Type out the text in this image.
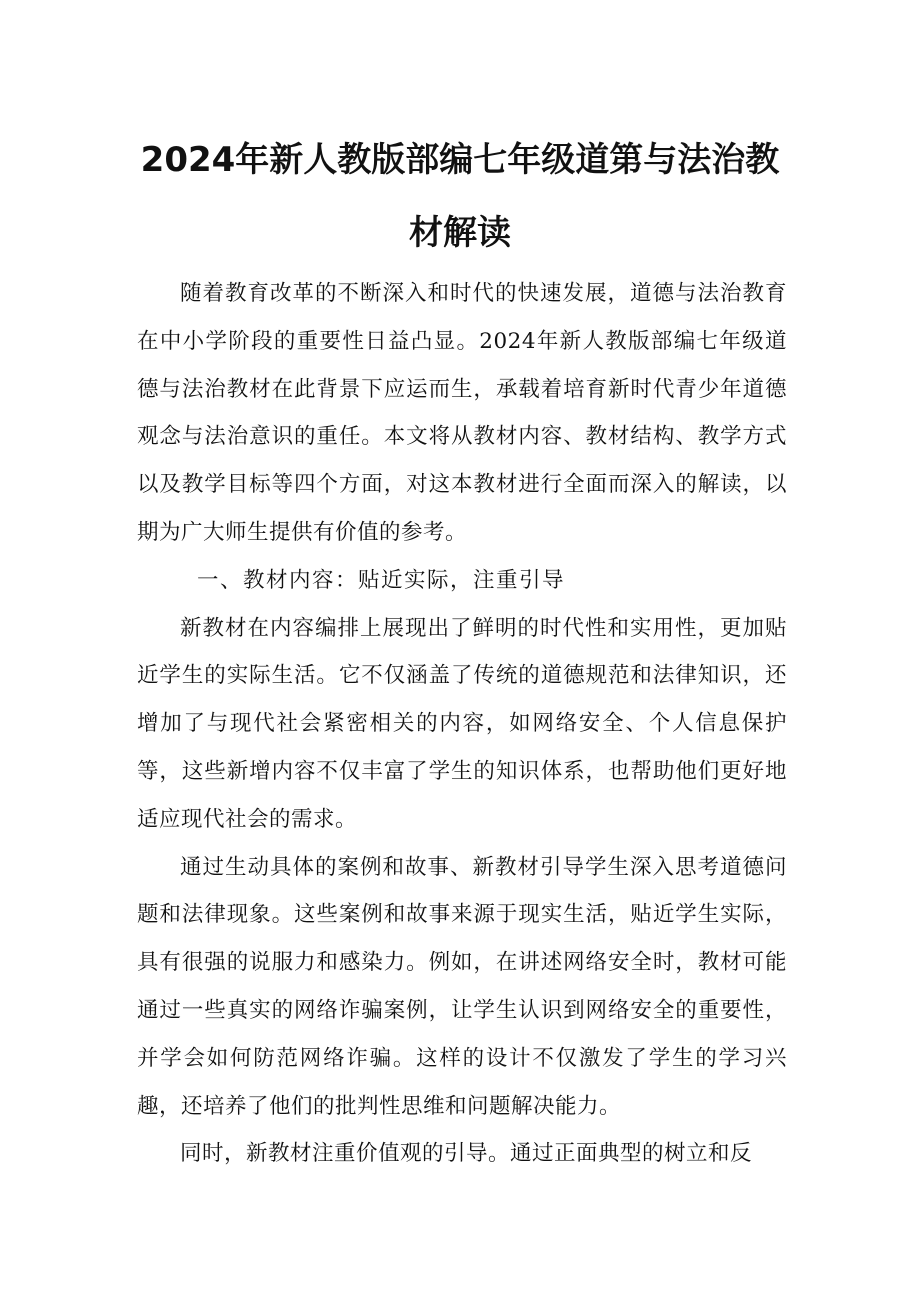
2024年新人教版部编七年级道第与法治教
材解读

随着教育改革的不断深入和时代的快速发展，道德与法治教育在中小学阶段的重要性日益凸显。2024年新人教版部编七年级道德与法治教材在此背景下应运而生，承载着培育新时代青少年道德观念与法治意识的重任。本文将从教材内容、教材结构、教学方式以及教学目标等四个方面，对这本教材进行全面而深入的解读，以期为广大师生提供有价值的参考。

一、教材内容：贴近实际，注重引导

新教材在内容编排上展现出了鲜明的时代性和实用性，更加贴近学生的实际生活。它不仅涵盖了传统的道德规范和法律知识，还增加了与现代社会紧密相关的内容，如网络安全、个人信息保护等，这些新增内容不仅丰富了学生的知识体系，也帮助他们更好地适应现代社会的需求。

通过生动具体的案例和故事、新教材引导学生深入思考道德问题和法律现象。这些案例和故事来源于现实生活，贴近学生实际，具有很强的说服力和感染力。例如，在讲述网络安全时，教材可能通过一些真实的网络诈骗案例，让学生认识到网络安全的重要性，并学会如何防范网络诈骗。这样的设计不仅激发了学生的学习兴趣，还培养了他们的批判性思维和问题解决能力。

同时，新教材注重价值观的引导。通过正面典型的树立和反
